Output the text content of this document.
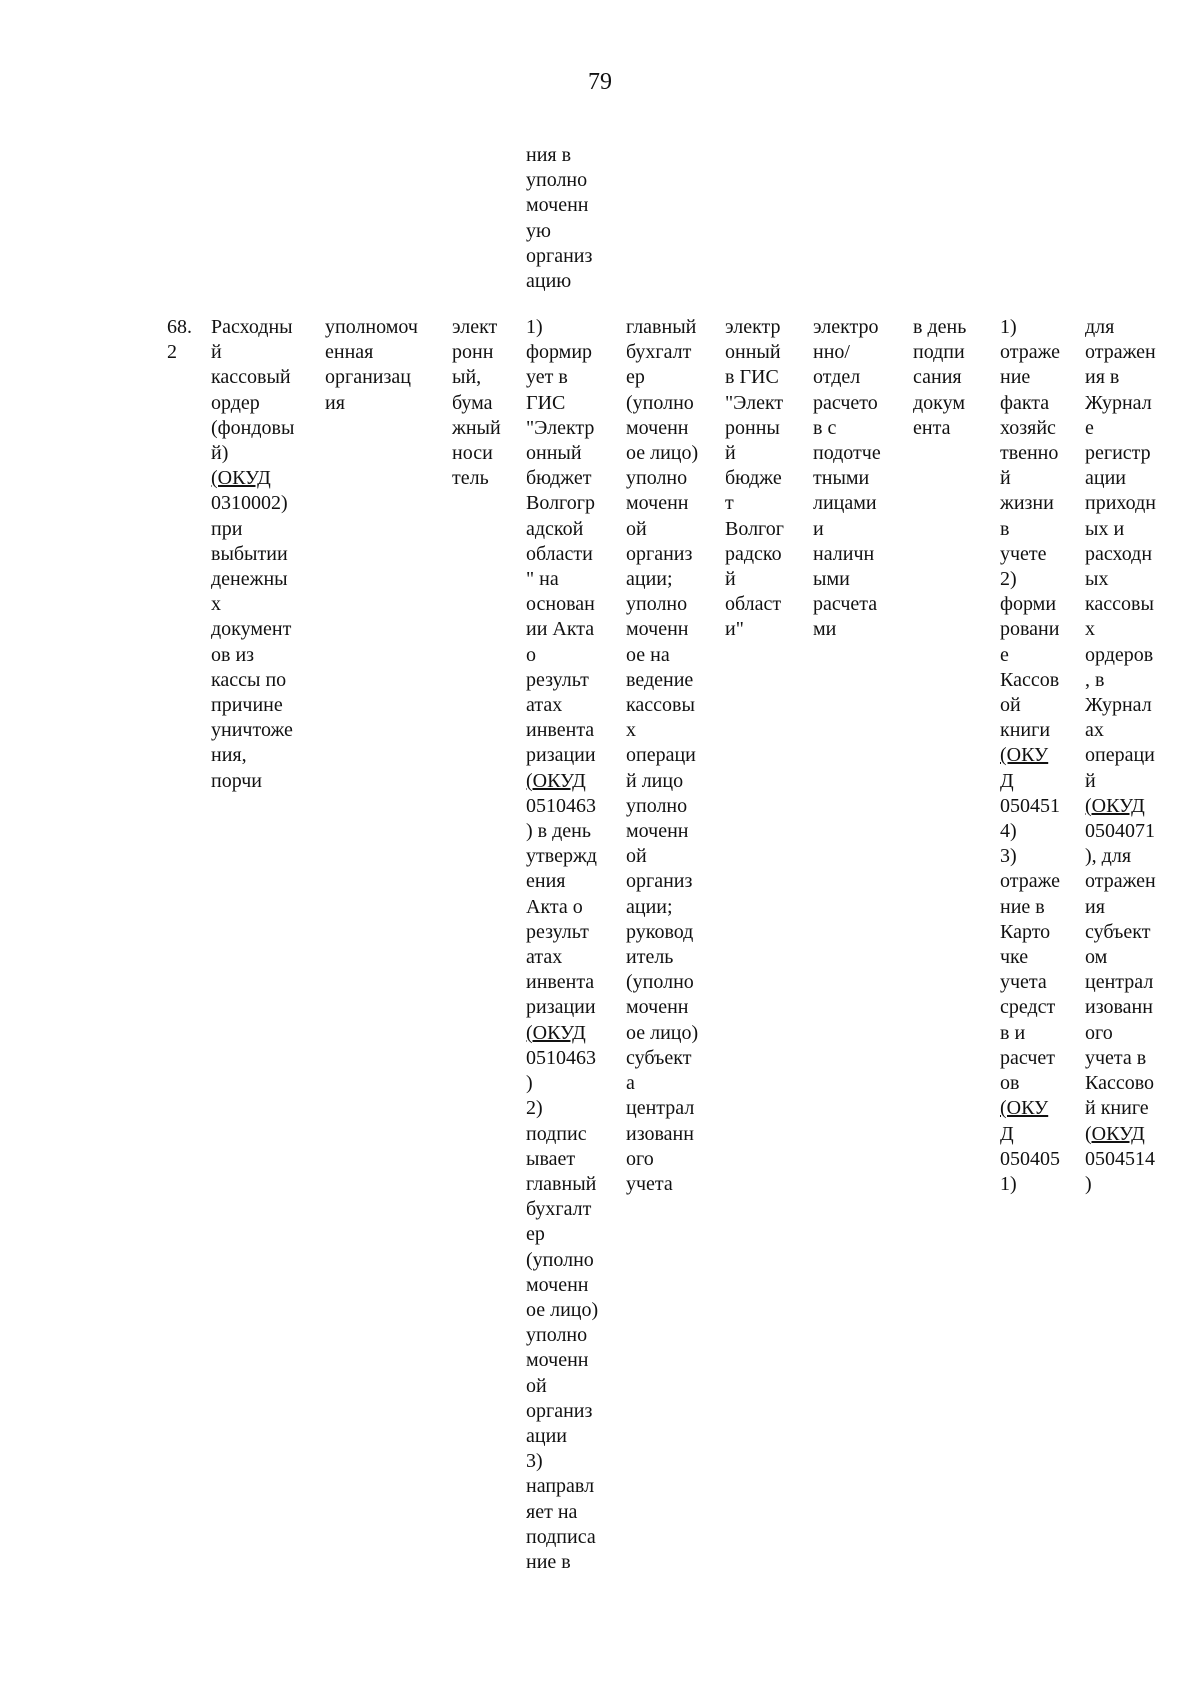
79
ния в
уполно
моченн
ую
организ
ацию
68.
2
Расходны
й
кассовый
ордер
(фондовы
й)
(ОКУД
0310002)
при
выбытии
денежны
х
документ
ов из
кассы по
причине
уничтоже
ния,
порчи
уполномоч
енная
организац
ия
элект
ронн
ый,
бума
жный
носи
тель
1)
формир
ует в
ГИС
"Электр
онный
бюджет
Волгогр
адской
области
" на
основан
ии Акта
о
результ
атах
инвента
ризации
(ОКУД
0510463
) в день
утвержд
ения
Акта о
результ
атах
инвента
ризации
(ОКУД
0510463
)
2)
подпис
ывает
главный
бухгалт
ер
(уполно
моченн
ое лицо)
уполно
моченн
ой
организ
ации
3)
направл
яет на
подписа
ние в
главный
бухгалт
ер
(уполно
моченн
ое лицо)
уполно
моченн
ой
организ
ации;
уполно
моченн
ое на
ведение
кассовы
х
оперaци
й лицо
уполно
моченн
ой
организ
ации;
руковод
итель
(уполно
моченн
ое лицо)
субъект
а
централ
изованн
ого
учета
электр
онный
в ГИС
"Элект
ронны
й
бюдже
т
Волгог
радско
й
област
и"
электро
нно/
отдел
расчето
в с
подотче
тными
лицами
и
наличн
ыми
расчета
ми
в день
подпи
сания
докум
ента
1)
отраже
ние
факта
хозяйс
твенно
й
жизни
в
учете
2)
форми
ровани
е
Кассов
ой
книги
(ОКУ
Д
050451
4)
3)
отраже
ние в
Карто
чке
учета
средст
в и
расчет
ов
(ОКУ
Д
050405
1)
для
отражен
ия в
Журнал
е
регистр
ации
приходн
ых и
расходн
ых
кассовы
х
ордеров
, в
Журнал
ах
операци
й
(ОКУД
0504071
), для
отражен
ия
субъект
ом
централ
изованн
ого
учета в
Кассово
й книге
(ОКУД
0504514
)
